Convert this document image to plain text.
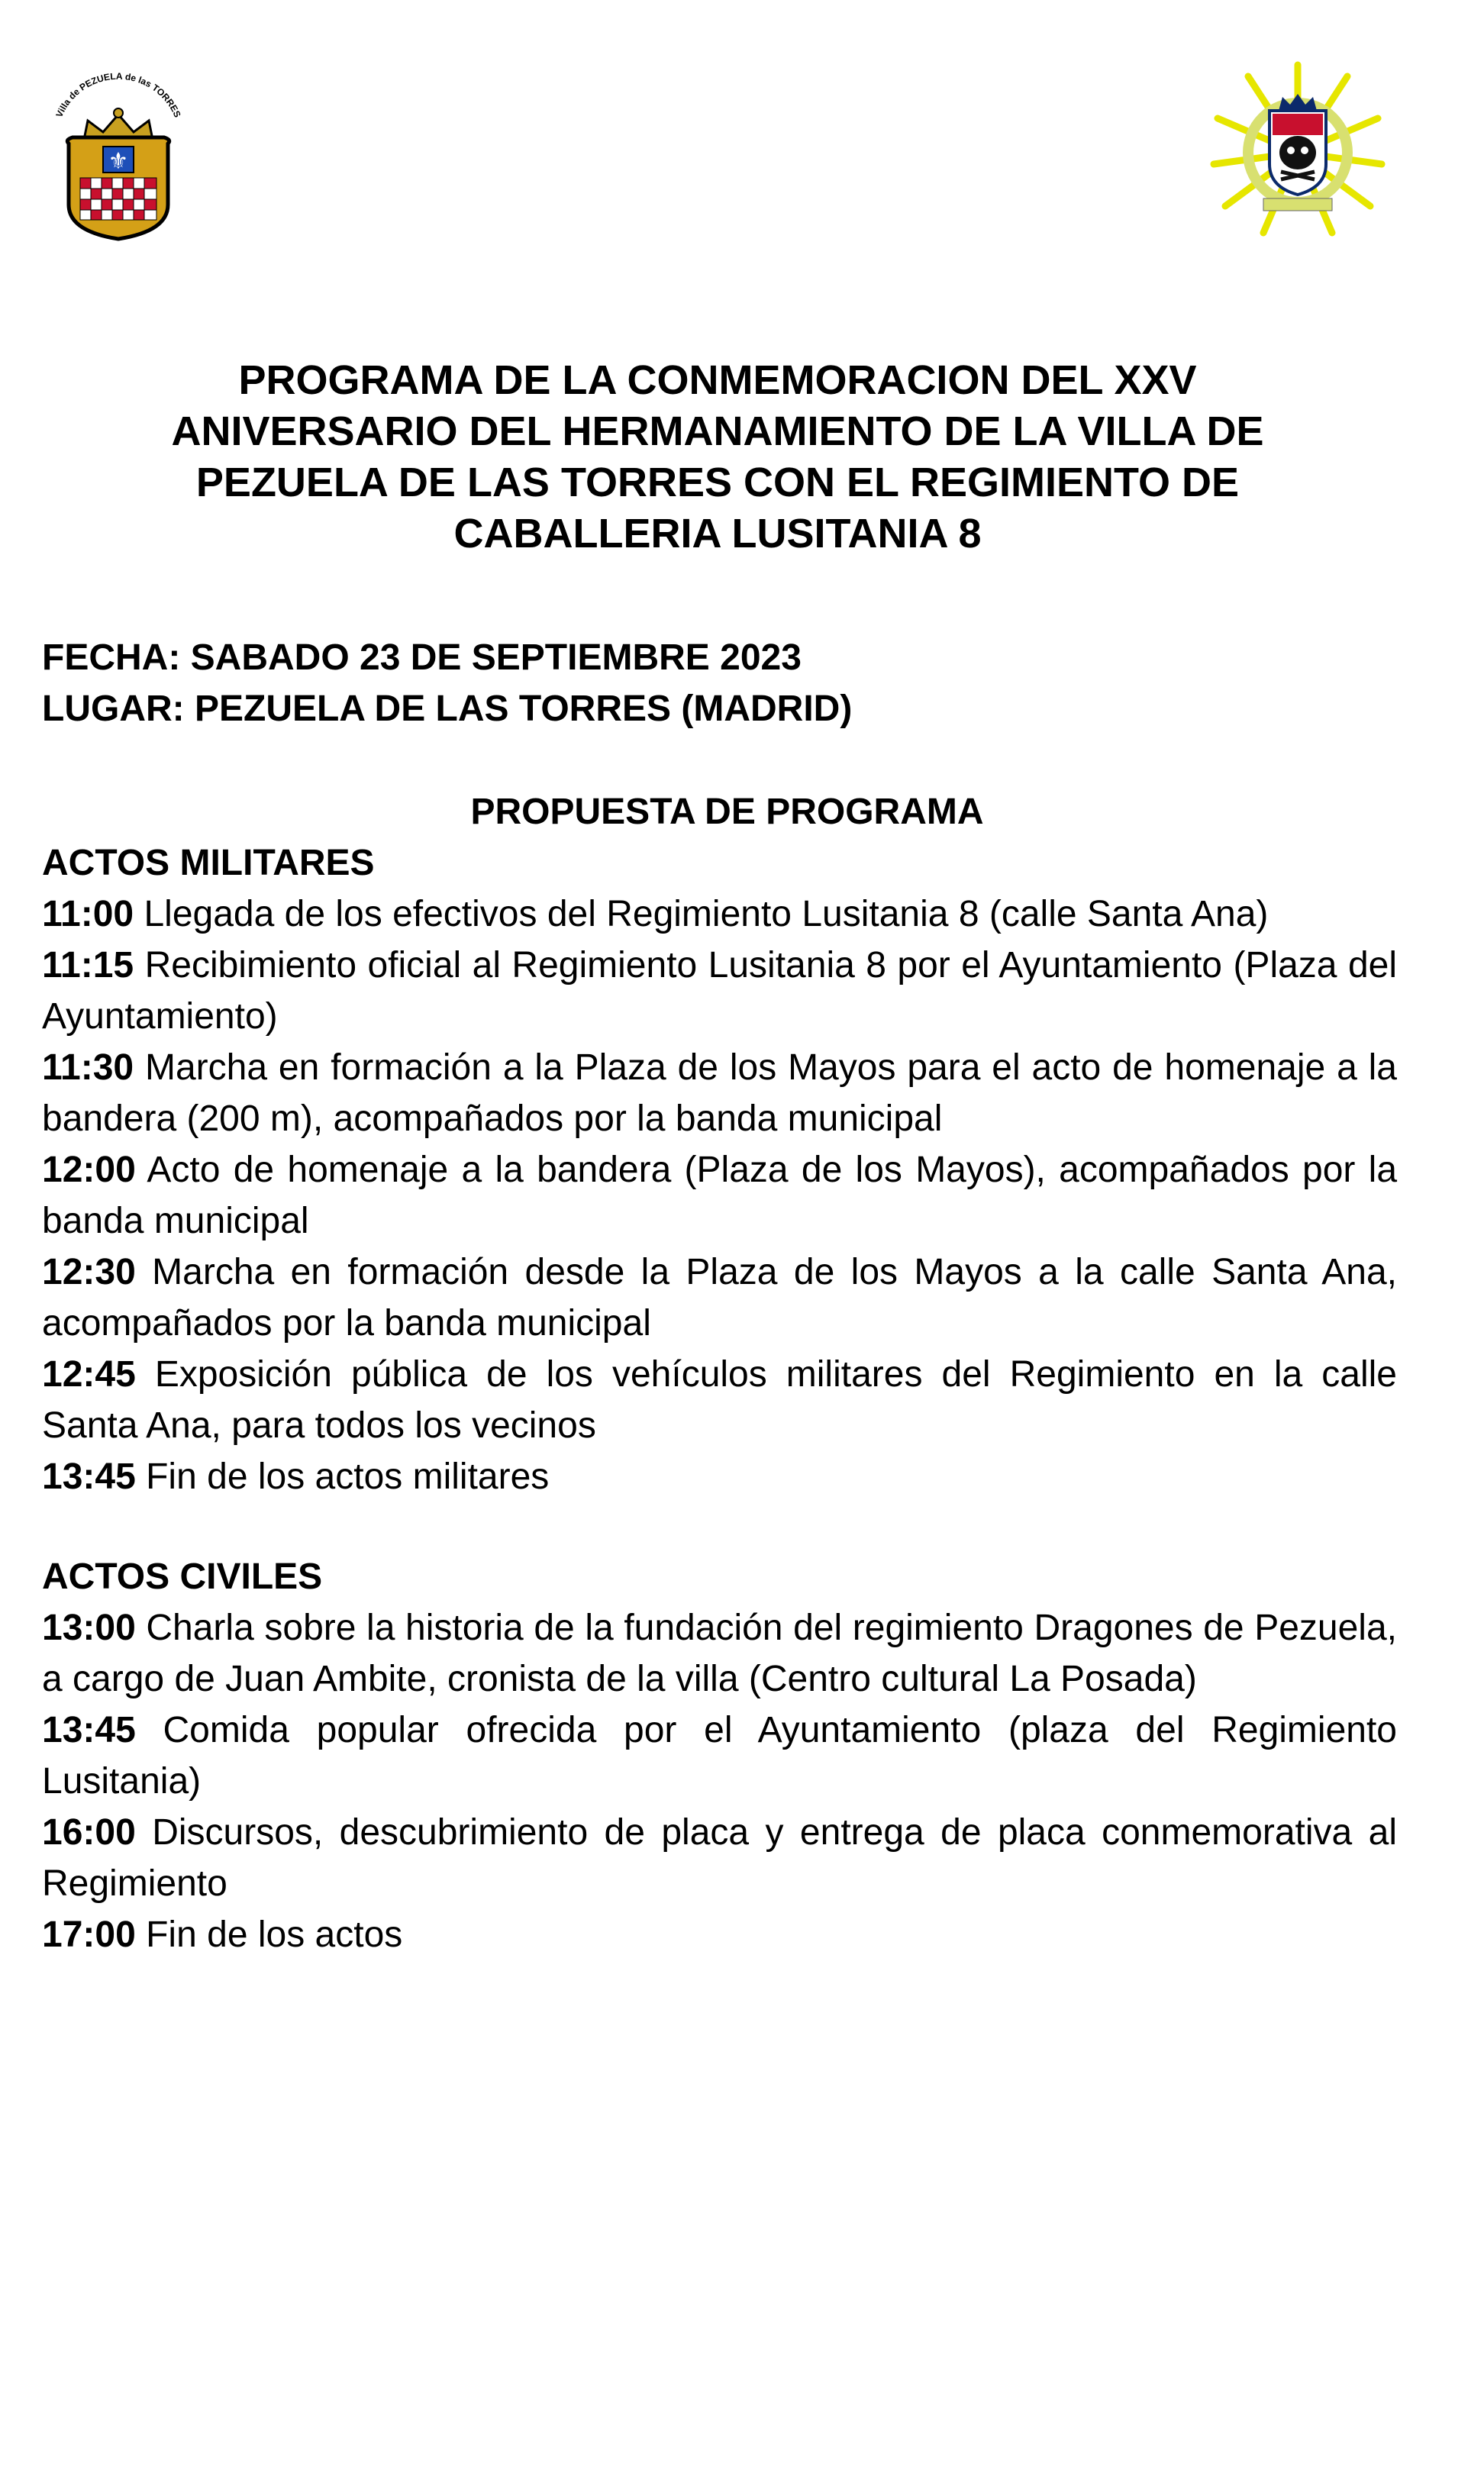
Villa de PEZUELA de las TORRES
⚜
PROGRAMA DE LA CONMEMORACION DEL XXV ANIVERSARIO DEL HERMANAMIENTO DE LA VILLA DE PEZUELA DE LAS TORRES CON EL REGIMIENTO DE CABALLERIA LUSITANIA 8

FECHA: SABADO 23 DE SEPTIEMBRE 2023

LUGAR: PEZUELA DE LAS TORRES (MADRID)

PROPUESTA DE PROGRAMA
ACTOS MILITARES
11:00 Llegada de los efectivos del Regimiento Lusitania 8 (calle Santa Ana)
11:15 Recibimiento oficial al Regimiento Lusitania 8 por el Ayuntamiento (Plaza del Ayuntamiento)
11:30 Marcha en formación a la Plaza de los Mayos para el acto de homenaje a la bandera (200 m), acompañados por la banda municipal
12:00 Acto de homenaje a la bandera (Plaza de los Mayos), acompañados por la banda municipal
12:30 Marcha en formación desde la Plaza de los Mayos a la calle Santa Ana, acompañados por la banda municipal
12:45 Exposición pública de los vehículos militares del Regimiento en la calle Santa Ana, para todos los vecinos
13:45 Fin de los actos militares
ACTOS CIVILES
13:00 Charla sobre la historia de la fundación del regimiento Dragones de Pezuela, a cargo de Juan Ambite, cronista de la villa (Centro cultural La Posada)
13:45 Comida popular ofrecida por el Ayuntamiento (plaza del Regimiento Lusitania)
16:00 Discursos, descubrimiento de placa y entrega de placa conmemorativa al Regimiento
17:00 Fin de los actos
